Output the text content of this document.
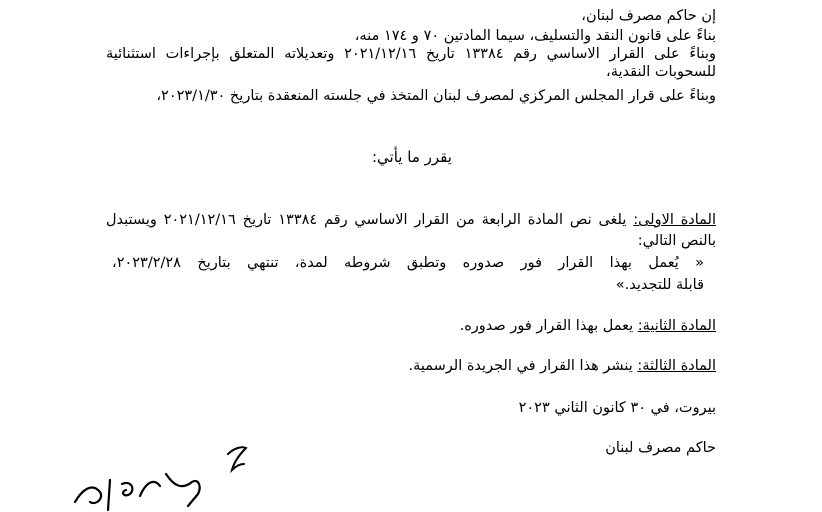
إن حاكم مصرف لبنان،
بناءً على قانون النقد والتسليف، سيما المادتين ٧٠ و ١٧٤ منه،
وبناءً على القرار الاساسي رقم ١٣٣٨٤ تاريخ ٢٠٢١/١٢/١٦ وتعديلاته المتعلق بإجراءات استثنائية
للسحوبات النقدية،
وبناءً على قرار المجلس المركزي لمصرف لبنان المتخذ في جلسته المنعقدة بتاريخ ٢٠٢٣/١/٣٠،
يقرر ما يأتي:
المادة الاولى: يلغى نص المادة الرابعة من القرار الاساسي رقم ١٣٣٨٤ تاريخ ٢٠٢١/١٢/١٦ ويستبدل
بالنص التالي:
« يُعمل بهذا القرار فور صدوره وتطبق شروطه لمدة، تنتهي بتاريخ ٢٠٢٣/٢/٢٨،
قابلة للتجديد.»
المادة الثانية: يعمل بهذا القرار فور صدوره.
المادة الثالثة: ينشر هذا القرار في الجريدة الرسمية.
بيروت، في ٣٠ كانون الثاني ٢٠٢٣
حاكم مصرف لبنان
